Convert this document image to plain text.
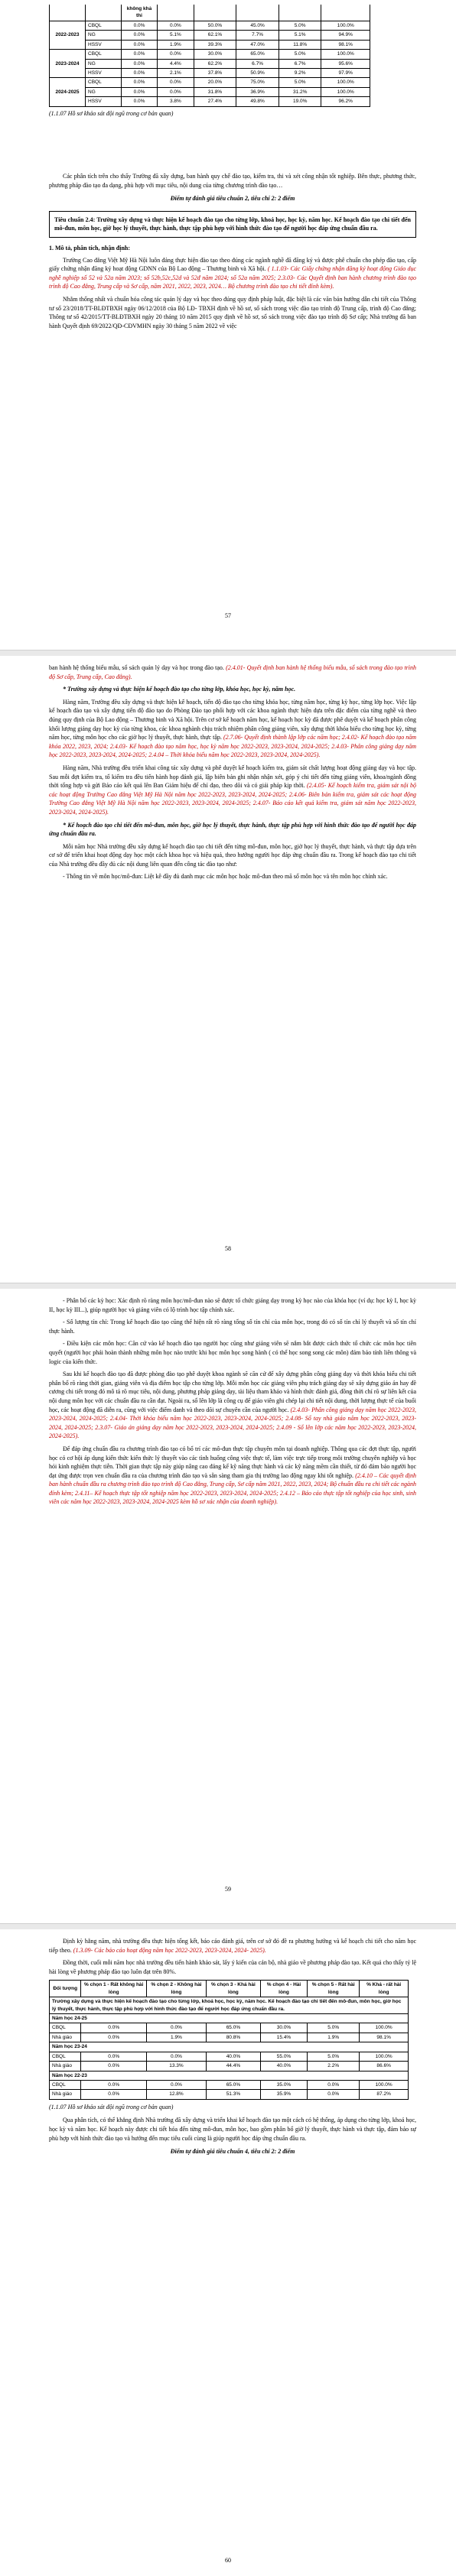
		không khả thi					
2022-2023	CBQL	0.0%	0.0%	50.0%	45.0%	5.0%	100.0%
	NG	0.0%	5.1%	62.1%	7.7%	5.1%	94.9%
	HSSV	0.0%	1.9%	39.3%	47.0%	11.8%	98.1%
2023-2024	CBQL	0.0%	0.0%	30.0%	65.0%	5.0%	100.0%
	NG	0.0%	4.4%	62.2%	6.7%	6.7%	95.6%
	HSSV	0.0%	2.1%	37.8%	50.9%	9.2%	97.9%
2024-2025	CBQL	0.0%	0.0%	20.0%	75.0%	5.0%	100.0%
	NG	0.0%	0.0%	31.8%	36.9%	31.2%	100.0%
	HSSV	0.0%	3.8%	27.4%	49.8%	19.0%	96.2%

(1.1.07 Hồ sơ khảo sát đội ngũ trong cơ bản quan)

Các phân tích trên cho thấy Trường đã xây dựng, ban hành quy chế đào tạo, kiểm tra, thi và xét công nhận tốt nghiệp. Bên thực, phương thức, phương pháp đào tạo đa dạng, phù hợp với mục tiêu, nội dung của từng chương trình đào tạo…

Điểm tự đánh giá tiêu chuẩn 2, tiêu chí 2: 2 điểm

Tiêu chuẩn 2.4: Trường xây dựng và thực hiện kế hoạch đào tạo cho từng lớp, khoá học, học kỳ, năm học. Kế hoạch đào tạo chi tiết đến mô-đun, môn học, giờ học lý thuyết, thực hành, thực tập phù hợp với hình thức đào tạo để người học đáp ứng chuẩn đầu ra.

1. Mô tả, phân tích, nhận định:

Trường Cao đẳng Việt Mỹ Hà Nội luôn đảng thực hiện đào tạo theo đúng các ngành nghề đã đăng ký và được phê chuẩn cho phép đào tạo, cấp giấy chứng nhận đăng ký hoạt động GDNN của Bộ Lao động – Thương binh và Xã hội. ( 1.1.03- Các Giấy chứng nhận đăng ký hoạt động Giáo dục nghề nghiệp số 52 và 52a năm 2023; số 52b,52c,52d và 52đ năm 2024; số 52a năm 2025; 2.3.03- Các Quyết định ban hành chương trình đào tạo trình độ Cao đẳng, Trung cấp và Sơ cấp, năm 2021, 2022, 2023, 2024… Bộ chương trình đào tạo chi tiết đính kèm).

Nhằm thống nhất và chuẩn hóa công tác quản lý dạy và học theo đúng quy định pháp luật, đặc biệt là các văn bản hướng dẫn chi tiết của Thông tư số 23/2018/TT-BLĐTBXH ngày 06/12/2018 của Bộ LĐ- TBXH định về hồ sơ, sổ sách trong việc đào tạo trình độ Trung cấp, trình độ Cao đẳng; Thông tư số 42/2015/TT-BLĐTBXH ngày 20 tháng 10 năm 2015 quy định về hồ sơ, sổ sách trong việc đào tạo trình độ Sơ cấp; Nhà trường đã ban hành Quyết định 69/2022/QĐ-CĐVMHN ngày 30 tháng 5 năm 2022 về việc

57

ban hành hệ thống biểu mẫu, sổ sách quản lý dạy và học trong đào tạo. (2.4.01- Quyết định ban hành hệ thống biểu mẫu, sổ sách trong đào tạo trình độ Sơ cấp, Trung cấp, Cao đẳng).

* Trường xây dựng và thực hiện kế hoạch đào tạo cho từng lớp, khóa học, học kỳ, năm học.

Hàng năm, Trường đều xây dựng và thực hiện kế hoạch, tiến độ đào tạo cho từng khóa học, từng năm học, từng kỳ học, từng lớp học. Việc lập kế hoạch đào tạo và xây dựng tiến độ đào tạo do Phòng Đào tạo phối hợp với các khoa ngành thực hiện dựa trên đặc điểm của từng nghề và theo đúng quy định của Bộ Lao động – Thương binh và Xã hội. Trên cơ sở kế hoạch năm học, kế hoạch học kỳ đã được phê duyệt và kế hoạch phân công khối lượng giảng dạy học kỳ của từng khoa, các khoa nghành chịu trách nhiệm phân công giảng viên, xây dựng thời khóa biểu cho từng học kỳ, từng năm học, từng môn học cho các giờ học lý thuyết, thực hành, thực tập. (2.7.06- Quyết định thành lập lớp các năm học; 2.4.02- Kế hoạch đào tạo năm khóa 2022, 2023, 2024; 2.4.03- Kế hoạch đào tạo năm học, học kỳ năm học 2022-2023, 2023-2024, 2024-2025; 2.4.03- Phân công giảng dạy năm học 2022-2023, 2023-2024, 2024-2025; 2.4.04 – Thời khóa biểu năm học 2022-2023, 2023-2024, 2024-2025).

Hàng năm, Nhà trường đều triển khai công tác xây dựng và phê duyệt kế hoạch kiểm tra, giám sát chất lượng hoạt động giảng dạy và học tập. Sau mỗi đợt kiểm tra, tổ kiểm tra đều tiến hành họp đánh giá, lập biên bản ghi nhận nhận xét, góp ý chi tiết đến từng giảng viên, khoa/ngành đồng thời tổng hợp và gửi Báo cáo kết quả lên Ban Giám hiệu để chỉ đạo, theo dõi và có giải pháp kịp thời. (2.4.05- Kế hoạch kiểm tra, giám sát nội bộ các hoạt động Trường Cao đẳng Việt Mỹ Hà Nội năm học 2022-2023, 2023-2024, 2024-2025; 2.4.06- Biên bản kiểm tra, giám sát các hoạt động Trường Cao đẳng Việt Mỹ Hà Nội năm học 2022-2023, 2023-2024, 2024-2025; 2.4.07- Báo cáo kết quả kiểm tra, giám sát năm học 2022-2023, 2023-2024, 2024-2025).

* Kế hoạch đào tạo chi tiết đến mô-đun, môn học, giờ học lý thuyết, thực hành, thực tập phù hợp với hình thức đào tạo để người học đáp ứng chuẩn đầu ra.

Mỗi năm học Nhà trường đều xây dựng kế hoạch đào tạo chi tiết đến từng mô-đun, môn học, giờ học lý thuyết, thực hành, và thực tập dựa trên cơ sở để triển khai hoạt động dạy học một cách khoa học và hiệu quả, theo hướng người học đáp ứng chuẩn đầu ra. Trong kế hoạch đào tạo chi tiết của Nhà trường đều đầy đủ các nội dung liên quan đến công tác đào tạo như:

- Thông tin về môn học/mô-đun: Liệt kê đầy đủ danh mục các môn học hoặc mô-đun theo mã số môn học và tên môn học chính xác.

58

- Phân bổ các kỳ học: Xác định rõ ràng môn học/mô-đun nào sẽ được tổ chức giảng dạy trong kỳ học nào của khóa học (ví dụ: học kỳ I, học kỳ II, học kỳ III...), giúp người học và giảng viên có lộ trình học tập chính xác.

- Số lượng tín chỉ: Trong kế hoạch đào tạo cũng thể hiện rất rõ ràng tổng số tín chỉ của môn học, trong đó có số tín chỉ lý thuyết và số tín chỉ thực hành.

- Điều kiện các môn học: Căn cứ vào kế hoạch đào tạo người học cũng như giảng viên sẽ nắm bắt được cách thức tổ chức các môn học tiên quyết (người học phải hoàn thành những môn học nào trước khi học môn học song hành ( có thể học song song các môn) đảm bảo tính liên thông và logic của kiến thức.

Sau khi kế hoạch đào tạo đã được phòng đào tạo phê duyệt khoa ngành sẽ căn cứ để xây dựng phân công giảng dạy và thời khóa biểu chi tiết phân bổ rõ ràng thời gian, giảng viên và địa điểm học tập cho từng lớp. Mỗi môn học các giảng viên phụ trách giảng dạy sẽ xây dựng giáo án hay đề cương chi tiết trong đó mô tả rõ mục tiêu, nội dung, phương pháp giảng dạy, tài liệu tham khảo và hình thức đánh giá, đồng thời chỉ rõ sự liên kết của nội dung môn học với các chuẩn đầu ra cần đạt. Ngoài ra, sổ lên lớp là công cụ để giáo viên ghi chép lại chi tiết nội dung, thời lượng thực tế của buổi học, các hoạt động đã diễn ra, cũng với việc điểm danh và theo dõi sự chuyên cần của người học. (2.4.03- Phân công giảng dạy năm học 2022-2023, 2023-2024, 2024-2025; 2.4.04- Thời khóa biểu năm học 2022-2023, 2023-2024, 2024-2025; 2.4.08- Sổ tay nhà giáo năm học 2022-2023, 2023-2024, 2024-2025; 2.3.07- Giáo án giảng dạy năm học 2022-2023, 2023-2024, 2024-2025; 2.4.09 - Sổ lên lớp các năm học 2022-2023, 2023-2024, 2024-2025).

Để đáp ứng chuẩn đầu ra chương trình đào tạo có bổ trí các mô-đun thực tập chuyên môn tại doanh nghiệp. Thông qua các đợt thực tập, người học có cơ hội áp dụng kiến thức kiến thức lý thuyết vào các tình huống công việc thực tế, làm việc trực tiếp trong môi trường chuyên nghiệp và học hỏi kinh nghiệm thực tiễn. Thời gian thực tập này giúp nâng cao đáng kể kỹ năng thực hành và các kỹ năng mềm cần thiết, từ đó đảm bảo người học đạt ứng được trọn ven chuẩn đầu ra của chương trình đào tạo và sẵn sàng tham gia thị trường lao động ngay khi tốt nghiệp. (2.4.10 – Các quyết định ban hành chuẩn đầu ra chương trình đào tạo trình độ Cao đẳng, Trung cấp, Sơ cấp năm 2021, 2022, 2023, 2024; Bộ chuẩn đầu ra chi tiết các ngành đính kèm; 2.4.11– Kế hoạch thực tập tốt nghiệp năm học 2022-2023, 2023-2024, 2024-2025; 2.4.12 – Báo cáo thực tập tốt nghiệp của học sinh, sinh viên các năm học 2022-2023, 2023-2024, 2024-2025 kèm hồ sơ xác nhận của doanh nghiệp).

59

Định kỳ hằng năm, nhà trường đều thực hiện tổng kết, báo cáo đánh giá, trên cơ sở đó đề ra phương hướng và kế hoạch chi tiết cho năm học tiếp theo. (1.3.09- Các báo cáo hoạt động năm học 2022-2023, 2023-2024, 2024- 2025).

Đồng thời, cuối mỗi năm học nhà trường đều tiến hành khảo sát, lấy ý kiến của cán bộ, nhà giáo về phương pháp đào tạo. Kết quả cho thấy tỷ lệ hài lòng về phương pháp đào tạo luôn đạt trên 80%.

Đối tượng	% chọn 1 - Rất không hài lòng	% chọn 2 - Không hài lòng	% chọn 3 - Khá hài lòng	% chọn 4 - Hài lòng	% chọn 5 - Rất hài lòng	% Khá - rất hài lòng
Trường xây dựng và thực hiện kế hoạch đào tạo cho từng lớp, khoá học, học kỳ, năm học. Kế hoạch đào tạo chi tiết đến mô-đun, môn học, giờ học lý thuyết, thực hành, thực tập phù hợp với hình thức đào tạo để người học đáp ứng chuẩn đầu ra.						
Năm học 24-25						
CBQL	0.0%	0.0%	65.0%	30.0%	5.0%	100.0%
Nhà giáo	0.0%	1.9%	80.8%	15.4%	1.9%	98.1%
Năm học 23-24						
CBQL	0.0%	0.0%	40.0%	55.0%	5.0%	100.0%
Nhà giáo	0.0%	13.3%	44.4%	40.0%	2.2%	86.6%
Năm học 22-23						
CBQL	0.0%	0.0%	65.0%	35.0%	0.0%	100.0%
Nhà giáo	0.0%	12.8%	51.3%	35.9%	0.0%	87.2%

(1.1.07 Hồ sơ khảo sát đội ngũ trong cơ bản quan)

Qua phân tích, có thể khẳng định Nhà trường đã xây dựng và triển khai kế hoạch đào tạo một cách có hệ thống, áp dụng cho từng lớp, khoá học, học kỳ và năm học. Kế hoạch này được chi tiết hóa đến từng mô-đun, môn học, bao gồm phân bổ giờ lý thuyết, thực hành và thực tập, đảm bảo sự phù hợp với hình thức đào tạo và hướng đến mục tiêu cuối cùng là giúp người học đáp ứng chuẩn đầu ra.

Điểm tự đánh giá tiêu chuẩn 4, tiêu chí 2: 2 điểm

60
